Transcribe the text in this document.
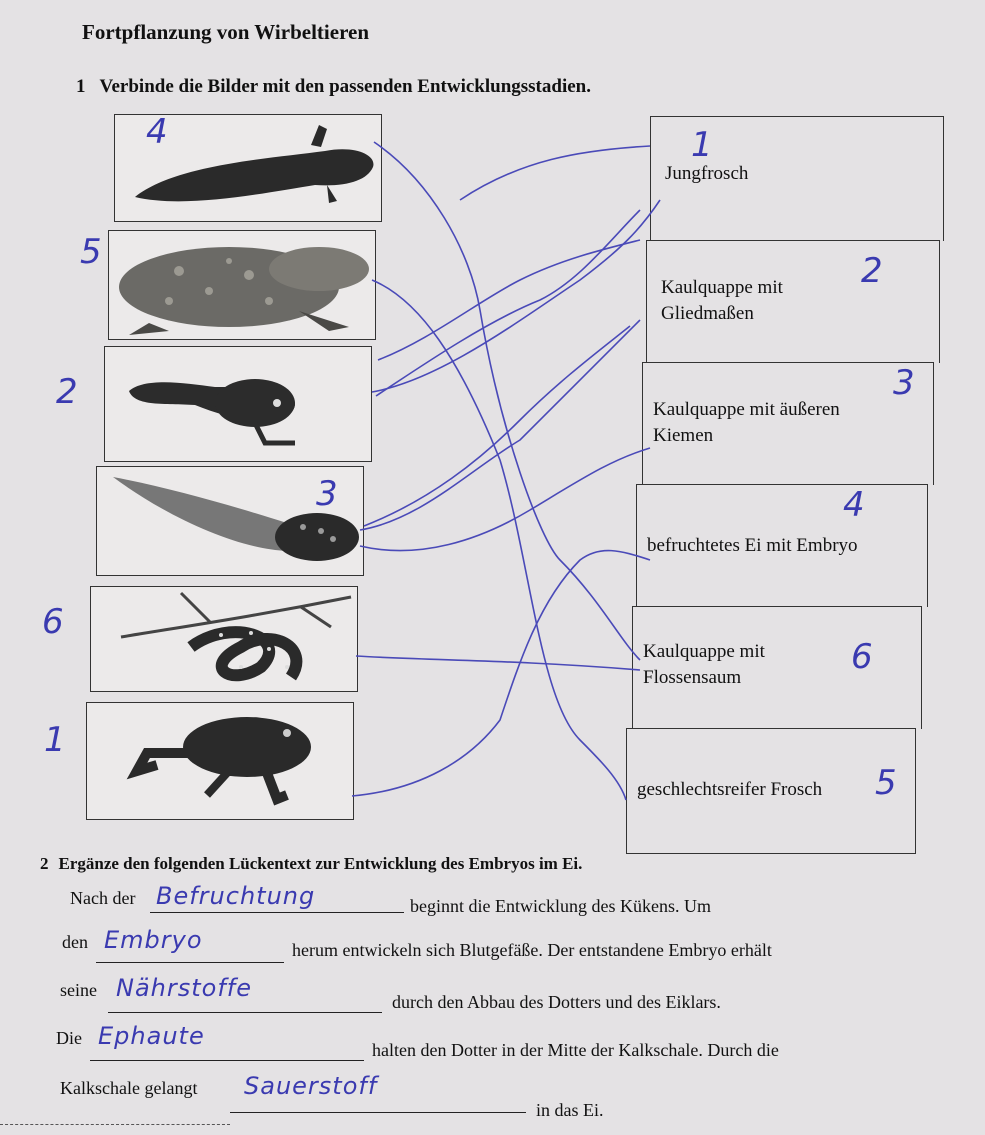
Fortpflanzung von Wirbeltieren
1 Verbinde die Bilder mit den passenden Entwicklungsstadien.
4
5
2
3
6
1
Jungfrosch
1
Kaulquappe mit
Gliedmaßen
2
Kaulquappe mit äußeren
Kiemen
3
befruchtetes Ei mit Embryo
4
Kaulquappe mit
Flossensaum
6
geschlechtsreifer Frosch 5
2 Ergänze den folgenden Lückentext zur Entwicklung des Embryos im Ei.
Nach der Befruchtung	beginnt die Entwicklung des Kükens. Um
den Embryo	herum entwickeln sich Blutgefäße. Der entstandene Embryo erhält
seine Nährstoffe	durch den Abbau des Dotters und des Eiklars.
Die Ephaute	halten den Dotter in der Mitte der Kalkschale. Durch die
Kalkschale gelangt Sauerstoff
in das Ei.
